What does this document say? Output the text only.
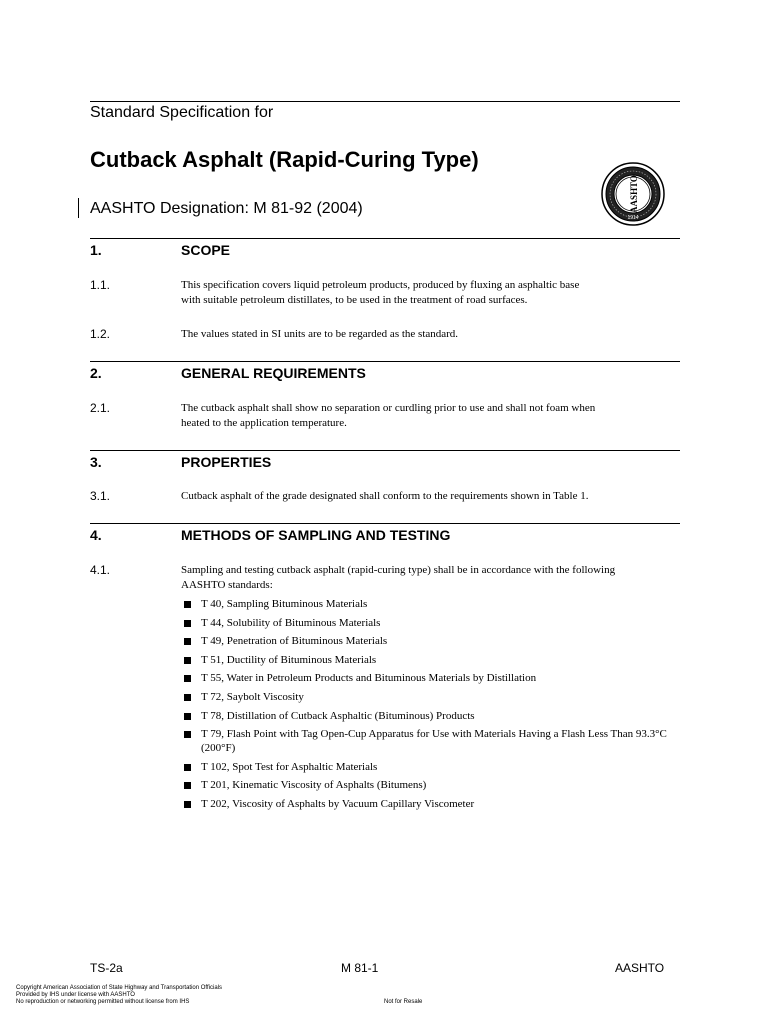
Standard Specification for
Cutback Asphalt (Rapid-Curing Type)
AASHTO Designation: M 81-92 (2004)	AASHTO
1914
1.	SCOPE
1.1.	This specification covers liquid petroleum products, produced by fluxing an asphaltic base
with suitable petroleum distillates, to be used in the treatment of road surfaces.
1.2.	The values stated in SI units are to be regarded as the standard.
2.	GENERAL REQUIREMENTS
2.1.	The cutback asphalt shall show no separation or curdling prior to use and shall not foam when
heated to the application temperature.
3.	PROPERTIES
3.1.	Cutback asphalt of the grade designated shall conform to the requirements shown in Table 1.
4.	METHODS OF SAMPLING AND TESTING
4.1.	Sampling and testing cutback asphalt (rapid-curing type) shall be in accordance with the following
AASHTO standards:
T 40, Sampling Bituminous Materials
T 44, Solubility of Bituminous Materials
T 49, Penetration of Bituminous Materials
T 51, Ductility of Bituminous Materials
T 55, Water in Petroleum Products and Bituminous Materials by Distillation
T 72, Saybolt Viscosity
T 78, Distillation of Cutback Asphaltic (Bituminous) Products
T 79, Flash Point with Tag Open-Cup Apparatus for Use with Materials Having a Flash Less Than 93.3°C (200°F)
T 102, Spot Test for Asphaltic Materials
T 201, Kinematic Viscosity of Asphalts (Bitumens)
T 202, Viscosity of Asphalts by Vacuum Capillary Viscometer
TS-2a	M 81-1	AASHTO
Copyright American Association of State Highway and Transportation Officials
Provided by IHS under license with AASHTO
No reproduction or networking permitted without license from IHS	Not for Resale
